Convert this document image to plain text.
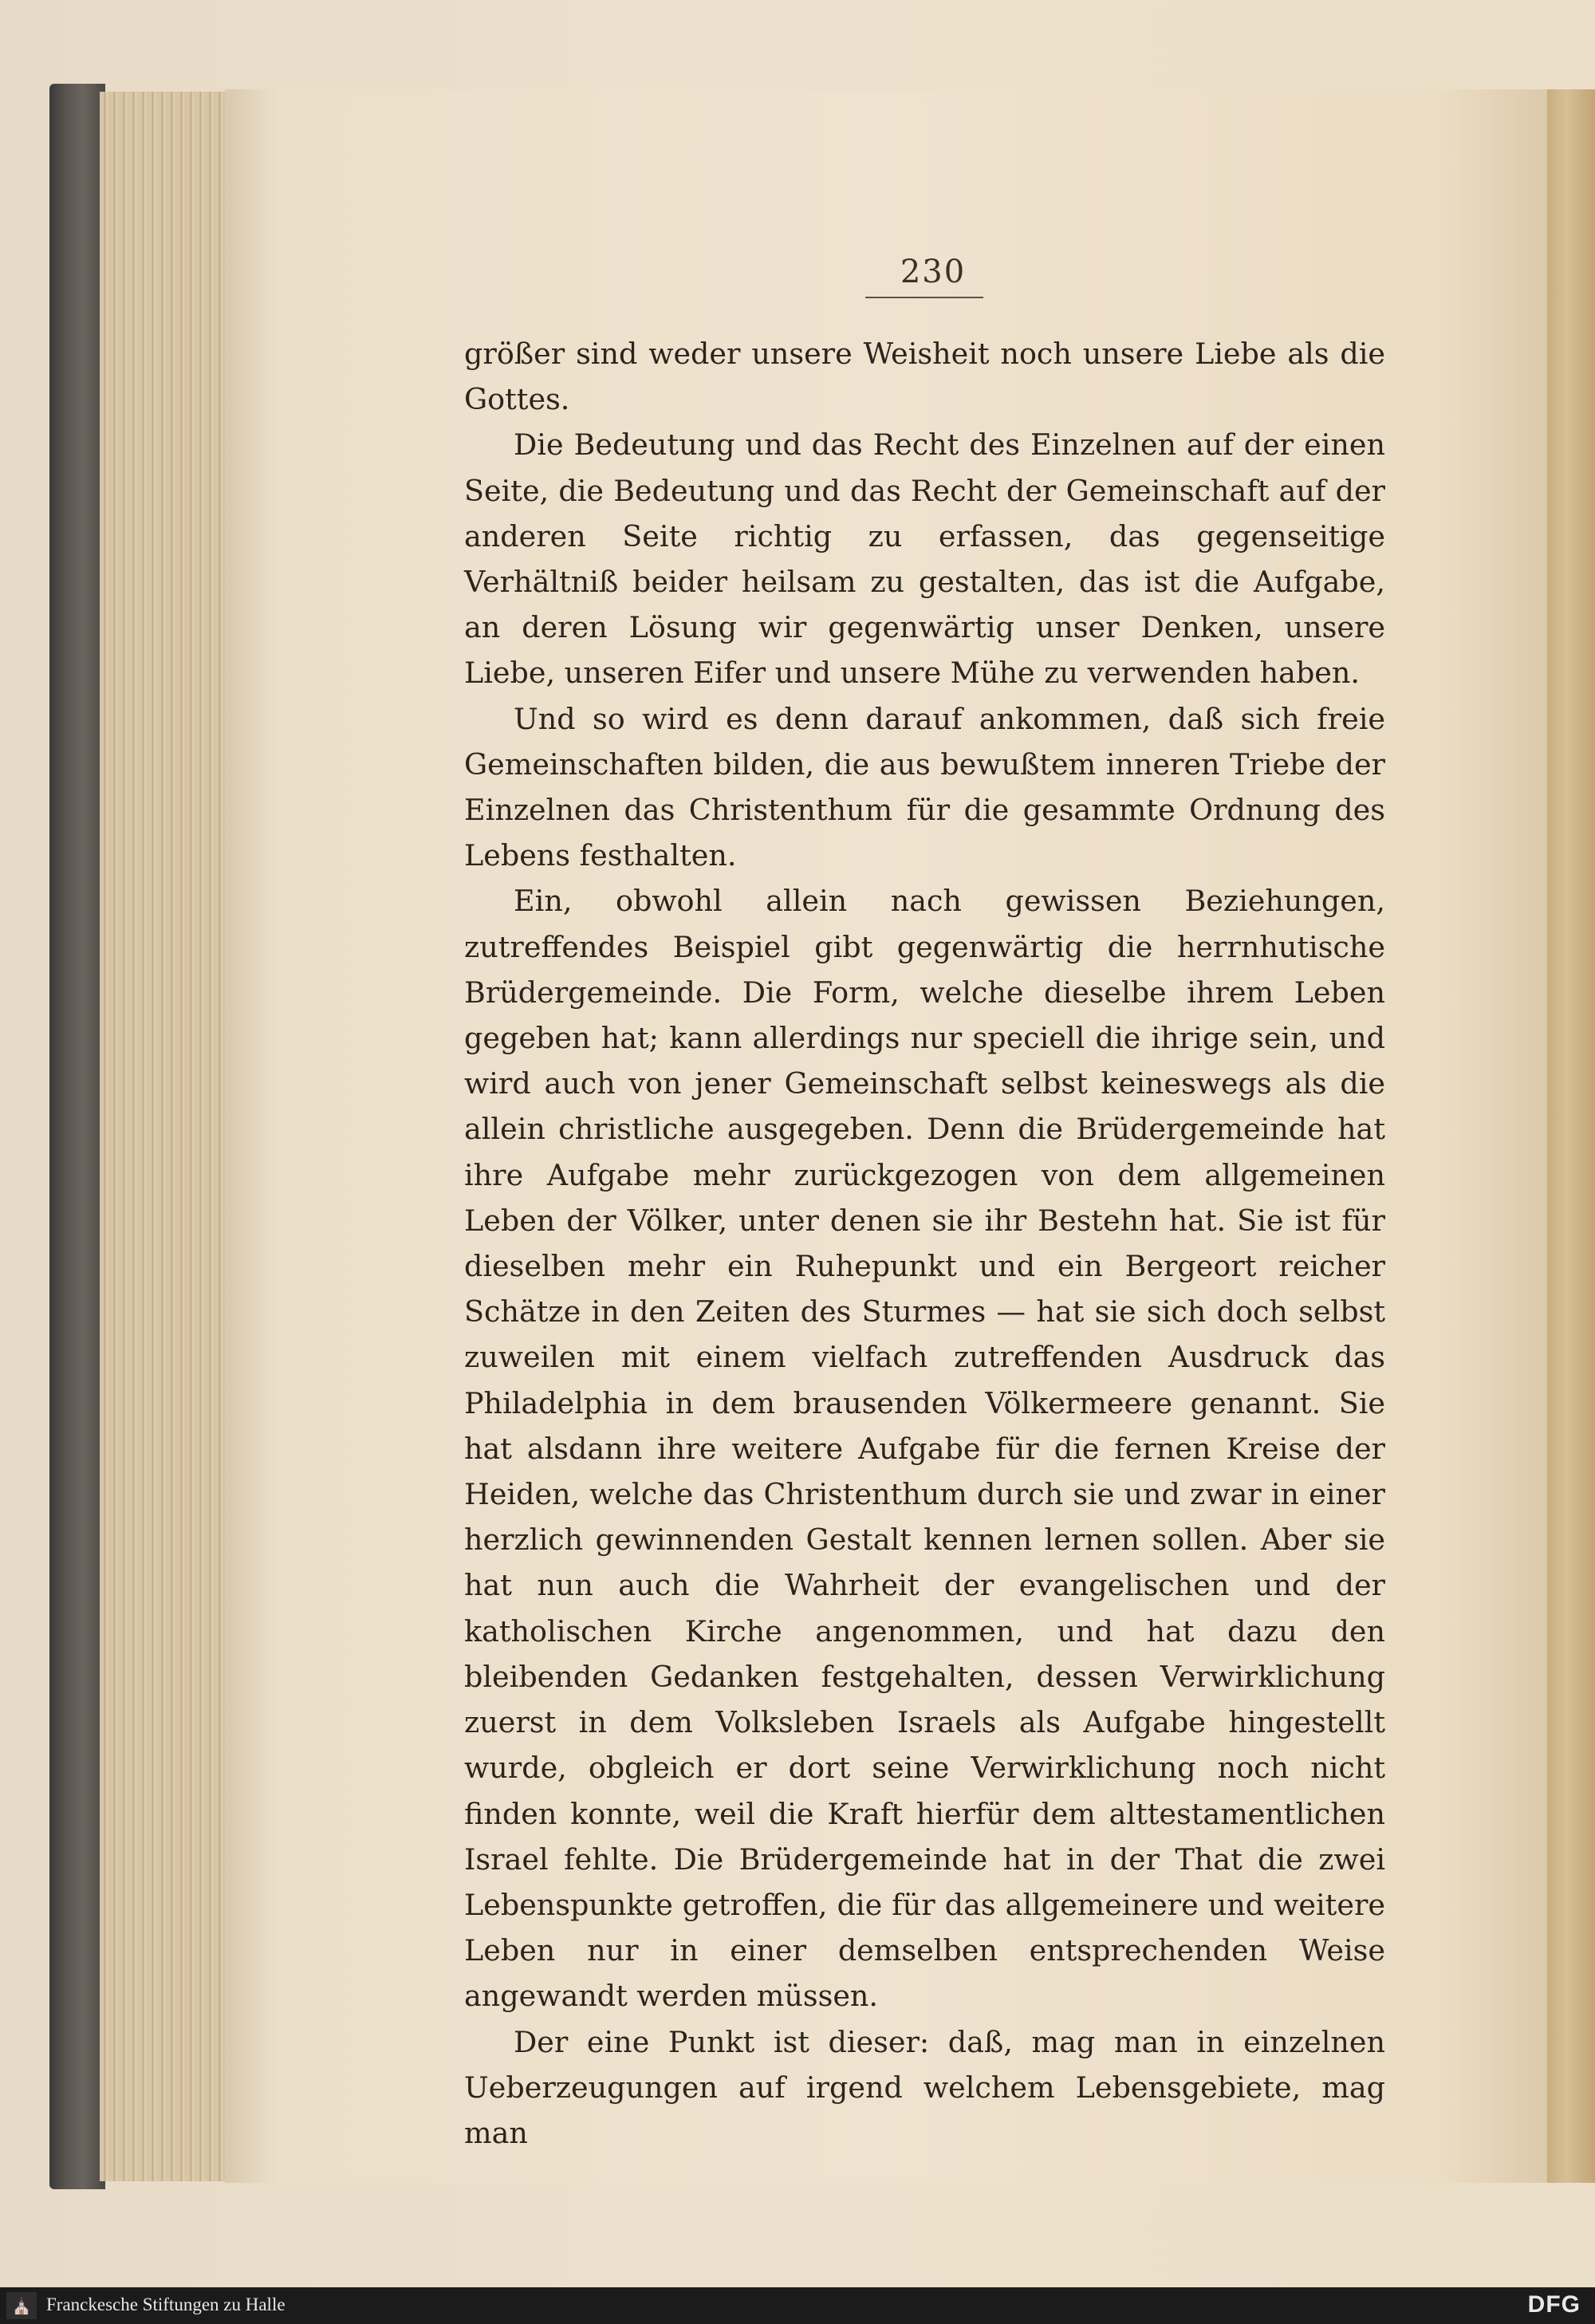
230

größer sind weder unsere Weisheit noch unsere Liebe als die Gottes.

Die Bedeutung und das Recht des Einzelnen auf der einen Seite, die Bedeutung und das Recht der Gemeinschaft auf der anderen Seite richtig zu erfassen, das gegenseitige Verhältniß beider heilsam zu gestalten, das ist die Aufgabe, an deren Lösung wir gegenwärtig unser Denken, unsere Liebe, unseren Eifer und unsere Mühe zu verwenden haben.

Und so wird es denn darauf ankommen, daß sich freie Gemeinschaften bilden, die aus bewußtem inneren Triebe der Einzelnen das Christenthum für die gesammte Ordnung des Lebens festhalten.

Ein, obwohl allein nach gewissen Beziehungen, zutreffendes Beispiel gibt gegenwärtig die herrnhutische Brüdergemeinde. Die Form, welche dieselbe ihrem Leben gegeben hat; kann allerdings nur speciell die ihrige sein, und wird auch von jener Gemeinschaft selbst keineswegs als die allein christliche ausgegeben. Denn die Brüdergemeinde hat ihre Aufgabe mehr zurückgezogen von dem allgemeinen Leben der Völker, unter denen sie ihr Bestehn hat. Sie ist für dieselben mehr ein Ruhepunkt und ein Bergeort reicher Schätze in den Zeiten des Sturmes — hat sie sich doch selbst zuweilen mit einem vielfach zutreffenden Ausdruck das Philadelphia in dem brausenden Völkermeere genannt. Sie hat alsdann ihre weitere Aufgabe für die fernen Kreise der Heiden, welche das Christenthum durch sie und zwar in einer herzlich gewinnenden Gestalt kennen lernen sollen. Aber sie hat nun auch die Wahrheit der evangelischen und der katholischen Kirche angenommen, und hat dazu den bleibenden Gedanken festgehalten, dessen Verwirklichung zuerst in dem Volksleben Israels als Aufgabe hingestellt wurde, obgleich er dort seine Verwirklichung noch nicht finden konnte, weil die Kraft hierfür dem alttestamentlichen Israel fehlte. Die Brüdergemeinde hat in der That die zwei Lebenspunkte getroffen, die für das allgemeinere und weitere Leben nur in einer demselben entsprechenden Weise angewandt werden müssen.

Der eine Punkt ist dieser: daß, mag man in einzelnen Ueberzeugungen auf irgend welchem Lebensgebiete, mag man

⛪ Franckesche Stiftungen zu Halle	DFG
